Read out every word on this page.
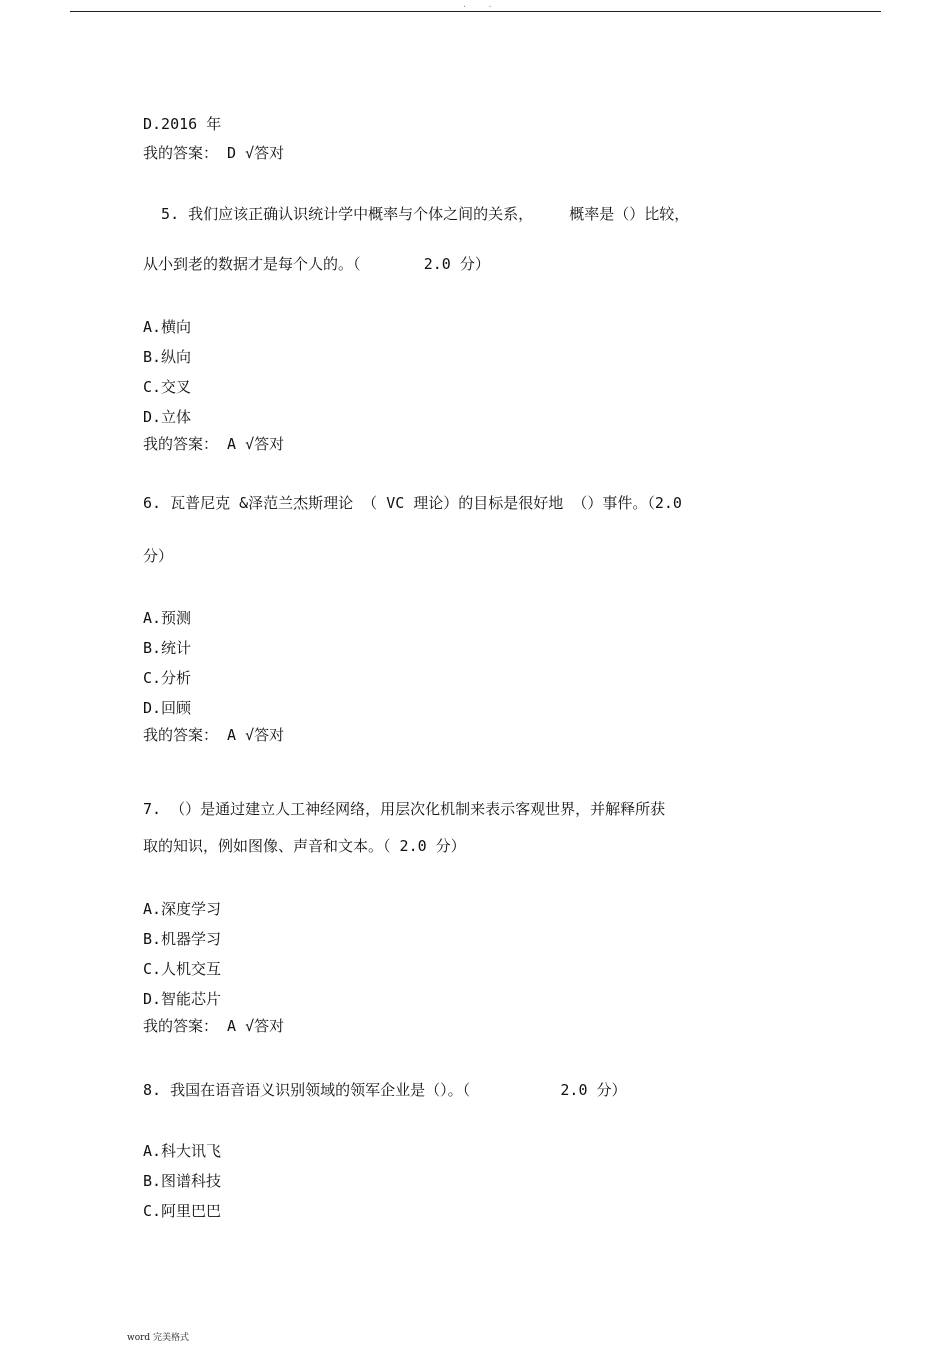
· ·
D.2016 年
我的答案： D √答对
5. 我们应该正确认识统计学中概率与个体之间的关系，    概率是（）比较，
从小到老的数据才是每个人的。（       2.0 分）
A.横向
B.纵向
C.交叉
D.立体
我的答案： A √答对
6. 瓦普尼克 &泽范兰杰斯理论 （ VC 理论）的目标是很好地 （）事件。（2.0
分）
A.预测
B.统计
C.分析
D.回顾
我的答案： A √答对
7. （）是通过建立人工神经网络，用层次化机制来表示客观世界，并解释所获
取的知识，例如图像、声音和文本。（ 2.0 分）
A.深度学习
B.机器学习
C.人机交互
D.智能芯片
我的答案： A √答对
8. 我国在语音语义识别领域的领军企业是（）。（          2.0 分）
A.科大讯飞
B.图谱科技
C.阿里巴巴
word 完美格式
